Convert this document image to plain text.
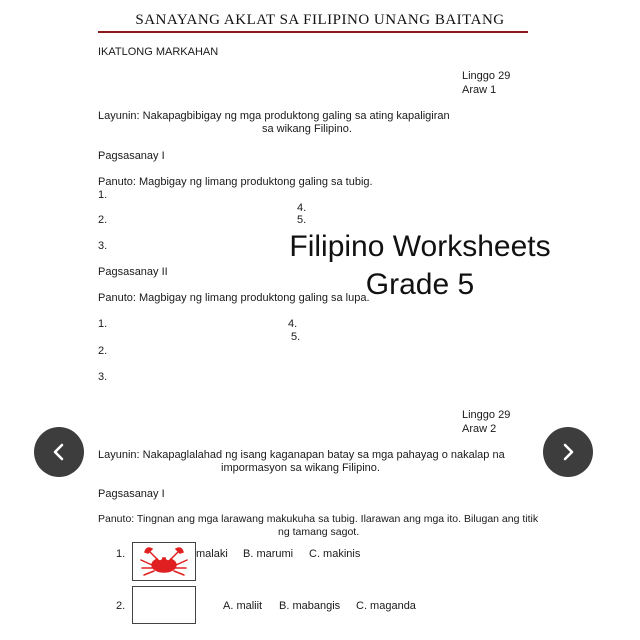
SANAYANG AKLAT SA FILIPINO UNANG BAITANG
IKATLONG MARKAHAN
Linggo 29
Araw 1
Layunin: Nakapagbibigay ng mga produktong galing sa ating kapaligiran
sa wikang Filipino.
Pagsasanay I
Panuto: Magbigay ng limang produktong galing sa tubig.
1.
2.
3.
4.
5.
Pagsasanay II
Panuto: Magbigay ng limang produktong galing sa lupa.
1.
2.
3.
4.
5.
Filipino Worksheets
Grade 5
Linggo 29
Araw 2
Layunin: Nakapaglalahad ng isang kaganapan batay sa mga pahayag o nakalap na
impormasyon sa wikang Filipino.
Pagsasanay I
Panuto: Tingnan ang mga larawang makukuha sa tubig. Ilarawan ang mga ito. Bilugan ang titik
ng tamang sagot.
1.	malaki B. marumi C. makinis
2.	A. maliit B. mabangis C. maganda
